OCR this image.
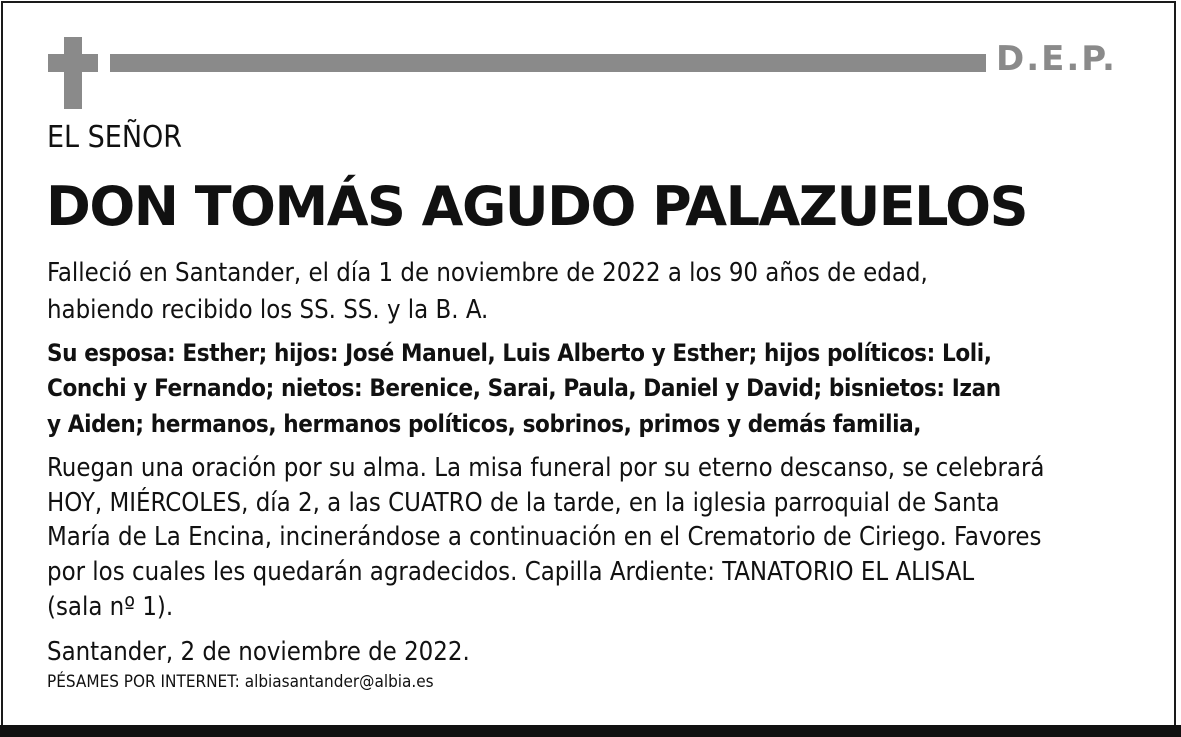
D.E.P.
EL SEÑOR
DON TOMÁS AGUDO PALAZUELOS
Falleció en Santander, el día 1 de noviembre de 2022 a los 90 años de edad,
habiendo recibido los SS. SS. y la B. A.
Su esposa: Esther; hijos: José Manuel, Luis Alberto y Esther; hijos políticos: Loli,
Conchi y Fernando; nietos: Berenice, Sarai, Paula, Daniel y David; bisnietos: Izan
y Aiden; hermanos, hermanos políticos, sobrinos, primos y demás familia,
Ruegan una oración por su alma. La misa funeral por su eterno descanso, se celebrará
HOY, MIÉRCOLES, día 2, a las CUATRO de la tarde, en la iglesia parroquial de Santa
María de La Encina, incinerándose a continuación en el Crematorio de Ciriego. Favores
por los cuales les quedarán agradecidos. Capilla Ardiente: TANATORIO EL ALISAL
(sala nº 1).
Santander, 2 de noviembre de 2022.
PÉSAMES POR INTERNET: albiasantander@albia.es
